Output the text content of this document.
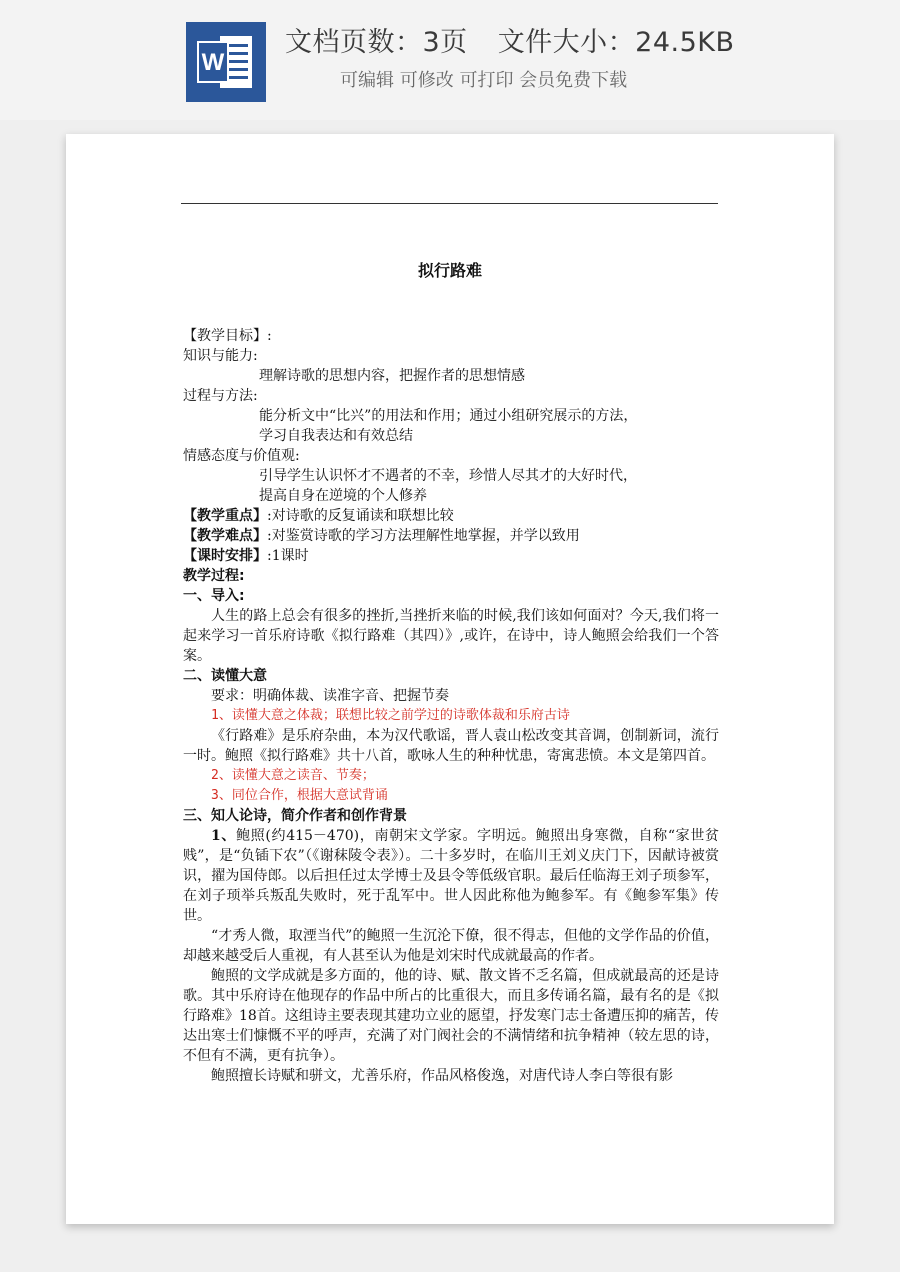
W
文档页数：3页 文件大小：24.5KB
可编辑 可修改 可打印 会员免费下载
拟行路难

【教学目标】:

知识与能力:

理解诗歌的思想内容，把握作者的思想情感

过程与方法:

能分析文中“比兴”的用法和作用；通过小组研究展示的方法，

学习自我表达和有效总结

情感态度与价值观:

引导学生认识怀才不遇者的不幸，珍惜人尽其才的大好时代，

提高自身在逆境的个人修养

【教学重点】:对诗歌的反复诵读和联想比较

【教学难点】:对鉴赏诗歌的学习方法理解性地掌握，并学以致用

【课时安排】:1课时

教学过程:

一、导入:

人生的路上总会有很多的挫折,当挫折来临的时候,我们该如何面对？今天,我们将一起来学习一首乐府诗歌《拟行路难（其四）》,或许，在诗中，诗人鲍照会给我们一个答案。

二、读懂大意

要求：明确体裁、读准字音、把握节奏

1、读懂大意之体裁；联想比较之前学过的诗歌体裁和乐府古诗

《行路难》是乐府杂曲，本为汉代歌谣，晋人袁山松改变其音调，创制新词，流行一时。鲍照《拟行路难》共十八首，歌咏人生的种种忧患，寄寓悲愤。本文是第四首。

2、读懂大意之读音、节奏；

3、同位合作，根据大意试背诵

三、知人论诗，简介作者和创作背景

1、鲍照(约415－470)，南朝宋文学家。字明远。鲍照出身寒微，自称“家世贫贱”，是“负锸下农”（《谢秣陵令表》）。二十多岁时，在临川王刘义庆门下，因献诗被赏识，擢为国侍郎。以后担任过太学博士及县令等低级官职。最后任临海王刘子顼参军，在刘子顼举兵叛乱失败时，死于乱军中。世人因此称他为鲍参军。有《鲍参军集》传世。

“才秀人微，取湮当代”的鲍照一生沉沦下僚，很不得志，但他的文学作品的价值，却越来越受后人重视，有人甚至认为他是刘宋时代成就最高的作者。

鲍照的文学成就是多方面的，他的诗、赋、散文皆不乏名篇，但成就最高的还是诗歌。其中乐府诗在他现存的作品中所占的比重很大，而且多传诵名篇，最有名的是《拟行路难》18首。这组诗主要表现其建功立业的愿望，抒发寒门志士备遭压抑的痛苦，传达出寒士们慷慨不平的呼声，充满了对门阀社会的不满情绪和抗争精神（较左思的诗，不但有不满，更有抗争）。

鲍照擅长诗赋和骈文，尤善乐府，作品风格俊逸，对唐代诗人李白等很有影
